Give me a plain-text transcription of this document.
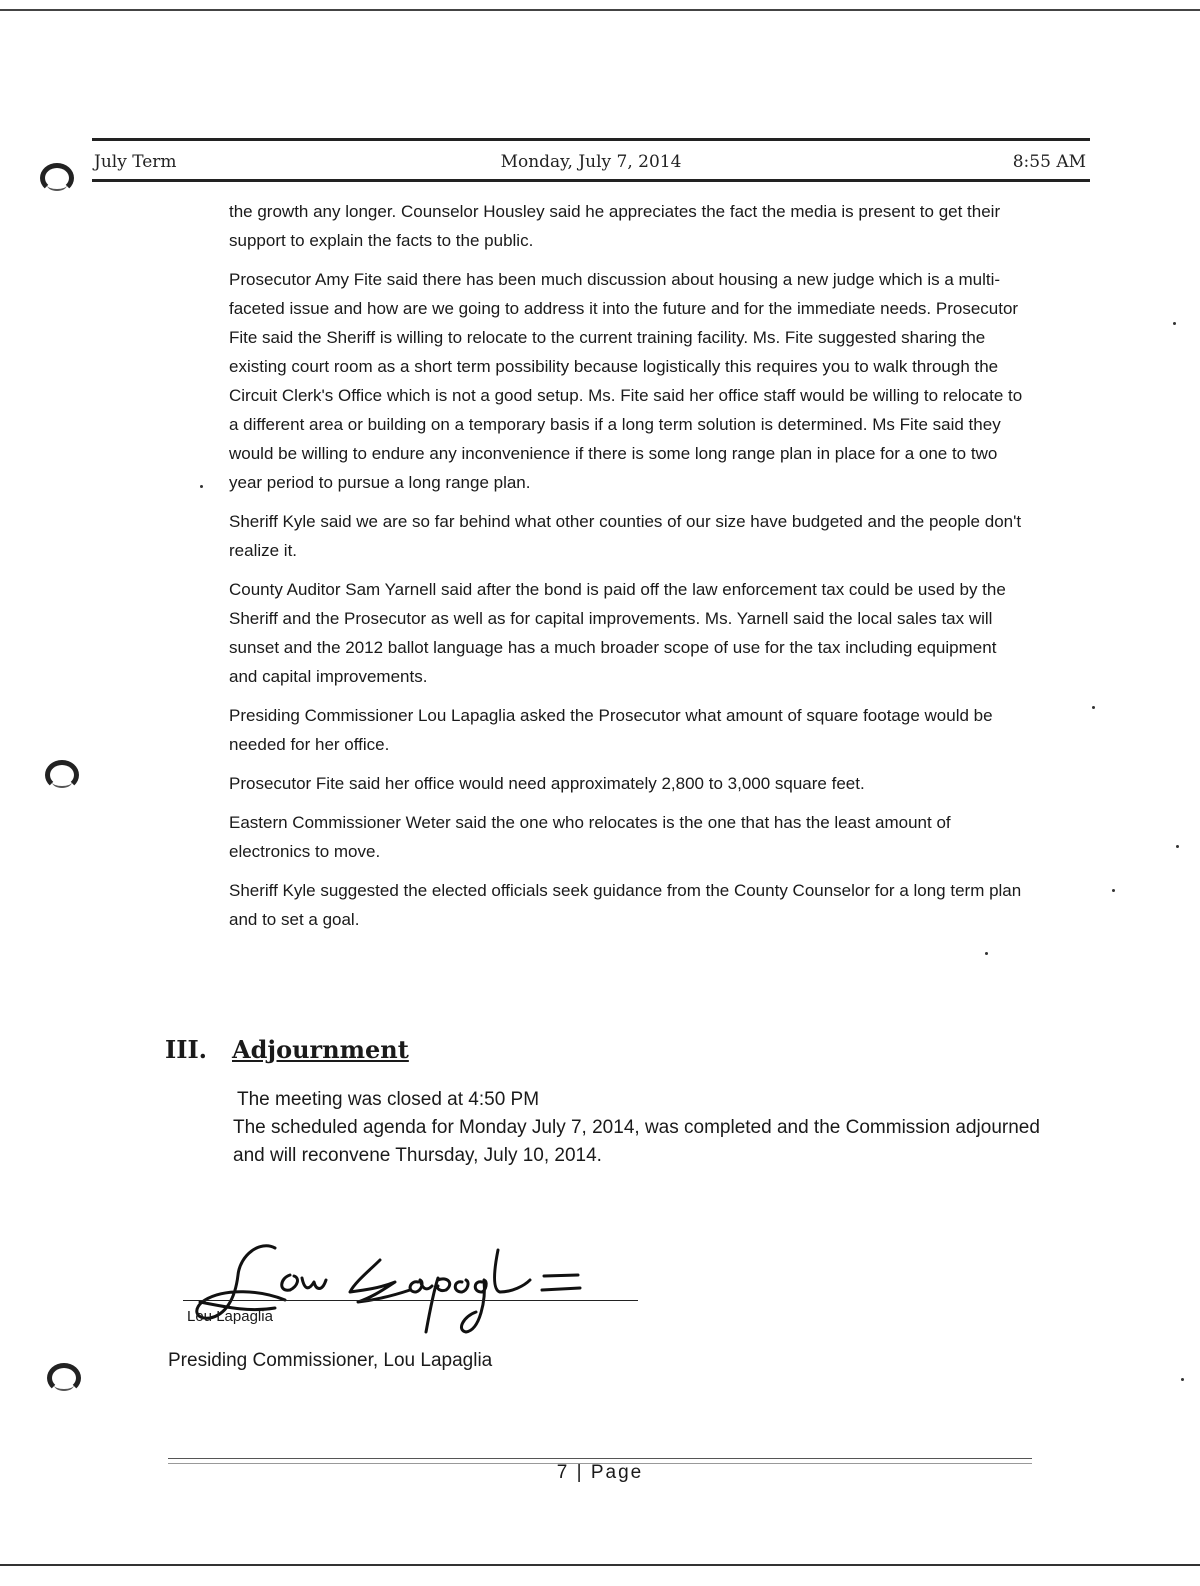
July Term	Monday, July 7, 2014	8:55 AM

the growth any longer. Counselor Housley said he appreciates the fact the media is present to get their support to explain the facts to the public.

Prosecutor Amy Fite said there has been much discussion about housing a new judge which is a multi-faceted issue and how are we going to address it into the future and for the immediate needs. Prosecutor Fite said the Sheriff is willing to relocate to the current training facility. Ms. Fite suggested sharing the existing court room as a short term possibility because logistically this requires you to walk through the Circuit Clerk's Office which is not a good setup. Ms. Fite said her office staff would be willing to relocate to a different area or building on a temporary basis if a long term solution is determined. Ms Fite said they would be willing to endure any inconvenience if there is some long range plan in place for a one to two year period to pursue a long range plan.

Sheriff Kyle said we are so far behind what other counties of our size have budgeted and the people don't realize it.

County Auditor Sam Yarnell said after the bond is paid off the law enforcement tax could be used by the Sheriff and the Prosecutor as well as for capital improvements. Ms. Yarnell said the local sales tax will sunset and the 2012 ballot language has a much broader scope of use for the tax including equipment and capital improvements.

Presiding Commissioner Lou Lapaglia asked the Prosecutor what amount of square footage would be needed for her office.

Prosecutor Fite said her office would need approximately 2,800 to 3,000 square feet.

Eastern Commissioner Weter said the one who relocates is the one that has the least amount of electronics to move.

Sheriff Kyle suggested the elected officials seek guidance from the County Counselor for a long term plan and to set a goal.

III. Adjournment
The meeting was closed at 4:50 PM
The scheduled agenda for Monday July 7, 2014, was completed and the Commission adjourned and will reconvene Thursday, July 10, 2014.
Lou Lapaglia
Presiding Commissioner, Lou Lapaglia
7 | Page
